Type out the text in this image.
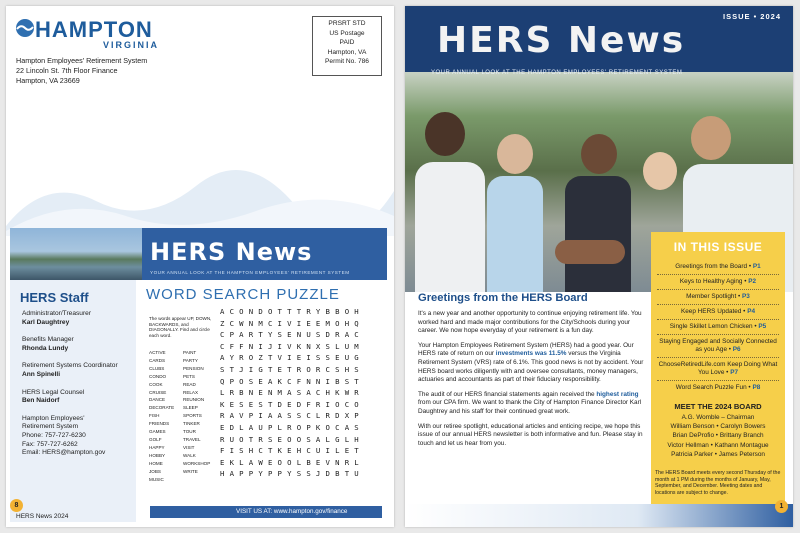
HAMPTON
VIRGINIA
Hampton Employees' Retirement System
22 Lincoln St. 7th Floor Finance
Hampton, VA 23669
PRSRT STD
US Postage
PAID
Hampton, VA
Permit No. 786
HERS News
YOUR ANNUAL LOOK AT THE HAMPTON EMPLOYEES' RETIREMENT SYSTEM
HERS Staff
Administrator/Treasurer
Karl Daughtrey
Benefits Manager
Rhonda Lundy
Retirement Systems Coordinator
Ann Spinelli
HERS Legal Counsel
Ben Naidorf
Hampton Employees'
Retirement System
Phone: 757-727-6230
Fax: 757-727-6262
Email: HERS@hampton.gov
WORD SEARCH PUZZLE
The words appear UP, DOWN, BACKWARDS, and DIAGONALLY. Find and circle each word.
ACTIVE	PAINT
CARDS	PARTY
CLUBS	PENSION
CONDO	PETS
COOK	READ
CRUISE	RELAX
DANCE	REUNION
DECORATE	SLEEP
FISH	SPORTS
FRIENDS	TINKER
GAMES	TOUR
GOLF	TRAVEL
HAPPY	VISIT
HOBBY	WALK
HOME	WORKSHOP
JOBS	WRITE
MUSIC
ACONDOTTTRYBBOH
ZCWNMCIVIEEMOHQ
CPARTYSENUSDRAC
CFFNIJIVKNXSLUM
AYROZTVIEISSEUG
STJIGTETRORCSHS
QPOSEAKCFNNIBST
LRBNENMASACHKWR
KESESTDEDFRIOCO
RAVPIAASSCLRDXP
EDLAUPLROPKOCAS
RUOTRSEOOSALGLH
FISHCTKEHCUILET
EKLAWEOOLBEVNRL
HAPPYPPYSSJDBTU
8
HERS News 2024
VISIT US AT: www.hampton.gov/finance
ISSUE • 2024
HERS News
YOUR ANNUAL LOOK AT THE HAMPTON EMPLOYEES' RETIREMENT SYSTEM
Greetings from the HERS Board

It's a new year and another opportunity to continue enjoying retirement life. You worked hard and made major contributions for the City/Schools during your career. We now hope everyday of your retirement is a fun day.

Your Hampton Employees Retirement System (HERS) had a good year. Our HERS rate of return on our investments was 11.5% versus the Virginia Retirement System (VRS) rate of 6.1%. This good news is not by accident. Your HERS board works diligently with and oversee consultants, money managers, actuaries and accountants as part of their fiduciary responsibility.

The audit of our HERS financial statements again received the highest rating from our CPA firm. We want to thank the City of Hampton Finance Director Karl Daughtrey and his staff for their continued great work.

With our retiree spotlight, educational articles and enticing recipe, we hope this issue of our annual HERS newsletter is both informative and fun. Please stay in touch and let us hear from you.

IN THIS ISSUE
Greetings from the Board • P1
Keys to Healthy Aging • P2
Member Spotlight • P3
Keep HERS Updated • P4
Single Skillet Lemon Chicken • P5
Staying Engaged and Socially Connected as you Age • P6
ChooseRetiredLife.com Keep Doing What You Love • P7
Word Search Puzzle Fun • P8
MEET THE 2024 BOARD
A.G. Womble – Chairman
William Benson • Carolyn Bowers
Brian DeProfio • Brittany Branch
Victor Hellman • Kathann Montague
Patricia Parker • James Peterson
The HERS Board meets every second Thursday of the month at 1 PM during the months of January, May, September, and December. Meeting dates and locations are subject to change.
1
